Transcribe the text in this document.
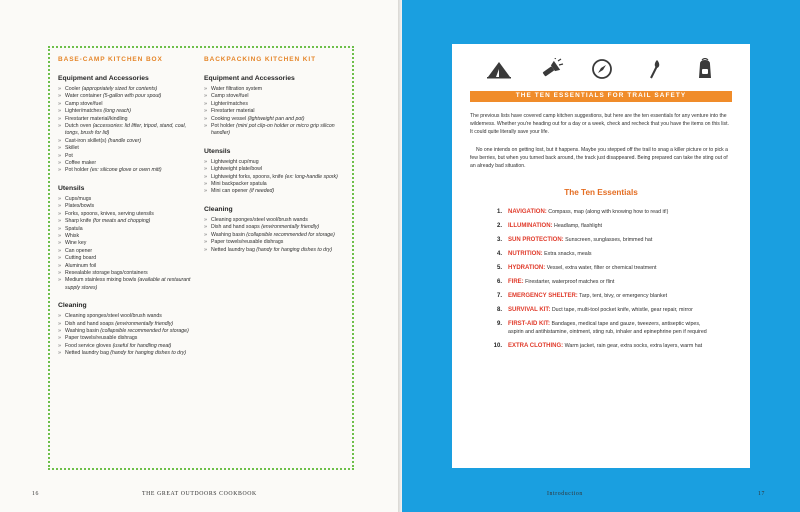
BASE-CAMP KITCHEN BOX
Equipment and Accessories
» Cooler (appropriately sized for contents)
» Water container (5-gallon with pour spout)
» Camp stove/fuel
» Lighter/matches (long reach)
» Firestarter material/kindling
» Dutch oven (accessories: lid lifter, tripod, stand, coal, tongs, brush for lid)
» Cast-iron skillet(s) (handle cover)
» Skillet
» Pot
» Coffee maker
» Pot holder (ex: silicone glove or oven mitt)
Utensils
» Cups/mugs
» Plates/bowls
» Forks, spoons, knives, serving utensils
» Sharp knife (for meats and chopping)
» Spatula
» Whisk
» Wine key
» Can opener
» Cutting board
» Aluminum foil
» Resealable storage bags/containers
» Medium stainless mixing bowls (available at restaurant supply stores)
Cleaning
» Cleaning sponges/steel wool/brush wands
» Dish and hand soaps (environmentally friendly)
» Washing basin (collapsible recommended for storage)
» Paper towels/reusable dishrags
» Food service gloves (useful for handling meat)
» Netted laundry bag (handy for hanging dishes to dry)
BACKPACKING KITCHEN KIT
Equipment and Accessories
» Water filtration system
» Camp stove/fuel
» Lighter/matches
» Firestarter material
» Cooking vessel (lightweight pan and pot)
» Pot holder (mini pot clip-on holder or micro grip silicon handler)
Utensils
» Lightweight cup/mug
» Lightweight plate/bowl
» Lightweight forks, spoons, knife (ex: long-handle spork)
» Mini backpacker spatula
» Mini can opener (if needed)
Cleaning
» Cleaning sponges/steel wool/brush wands
» Dish and hand soaps (environmentally friendly)
» Washing basin (collapsible recommended for storage)
» Paper towels/reusable dishrags
» Netted laundry bag (handy for hanging dishes to dry)
16	THE GREAT OUTDOORS COOKBOOK	Introduction	17
THE TEN ESSENTIALS FOR TRAIL SAFETY

The previous lists have covered camp kitchen suggestions, but here are the ten essentials for any venture into the wilderness. Whether you're heading out for a day or a week, check and recheck that you have the items on this list. It could quite literally save your life.

No one intends on getting lost, but it happens. Maybe you stepped off the trail to snag a killer picture or to pick a few berries, but when you turned back around, the track just disappeared. Being prepared can take the sting out of an already bad situation.

The Ten Essentials
1. NAVIGATION: Compass, map (along with knowing how to read it!)
2. ILLUMINATION: Headlamp, flashlight
3. SUN PROTECTION: Sunscreen, sunglasses, brimmed hat
4. NUTRITION: Extra snacks, meals
5. HYDRATION: Vessel, extra water, filter or chemical treatment
6. FIRE: Firestarter, waterproof matches or flint
7. EMERGENCY SHELTER: Tarp, tent, bivy, or emergency blanket
8. SURVIVAL KIT: Duct tape, multi-tool pocket knife, whistle, gear repair, mirror
9. FIRST-AID KIT: Bandages, medical tape and gauze, tweezers, antiseptic wipes, aspirin and antihistamine, ointment, sting rub, inhaler and epinephrine pen if required
10. EXTRA CLOTHING: Warm jacket, rain gear, extra socks, extra layers, warm hat
